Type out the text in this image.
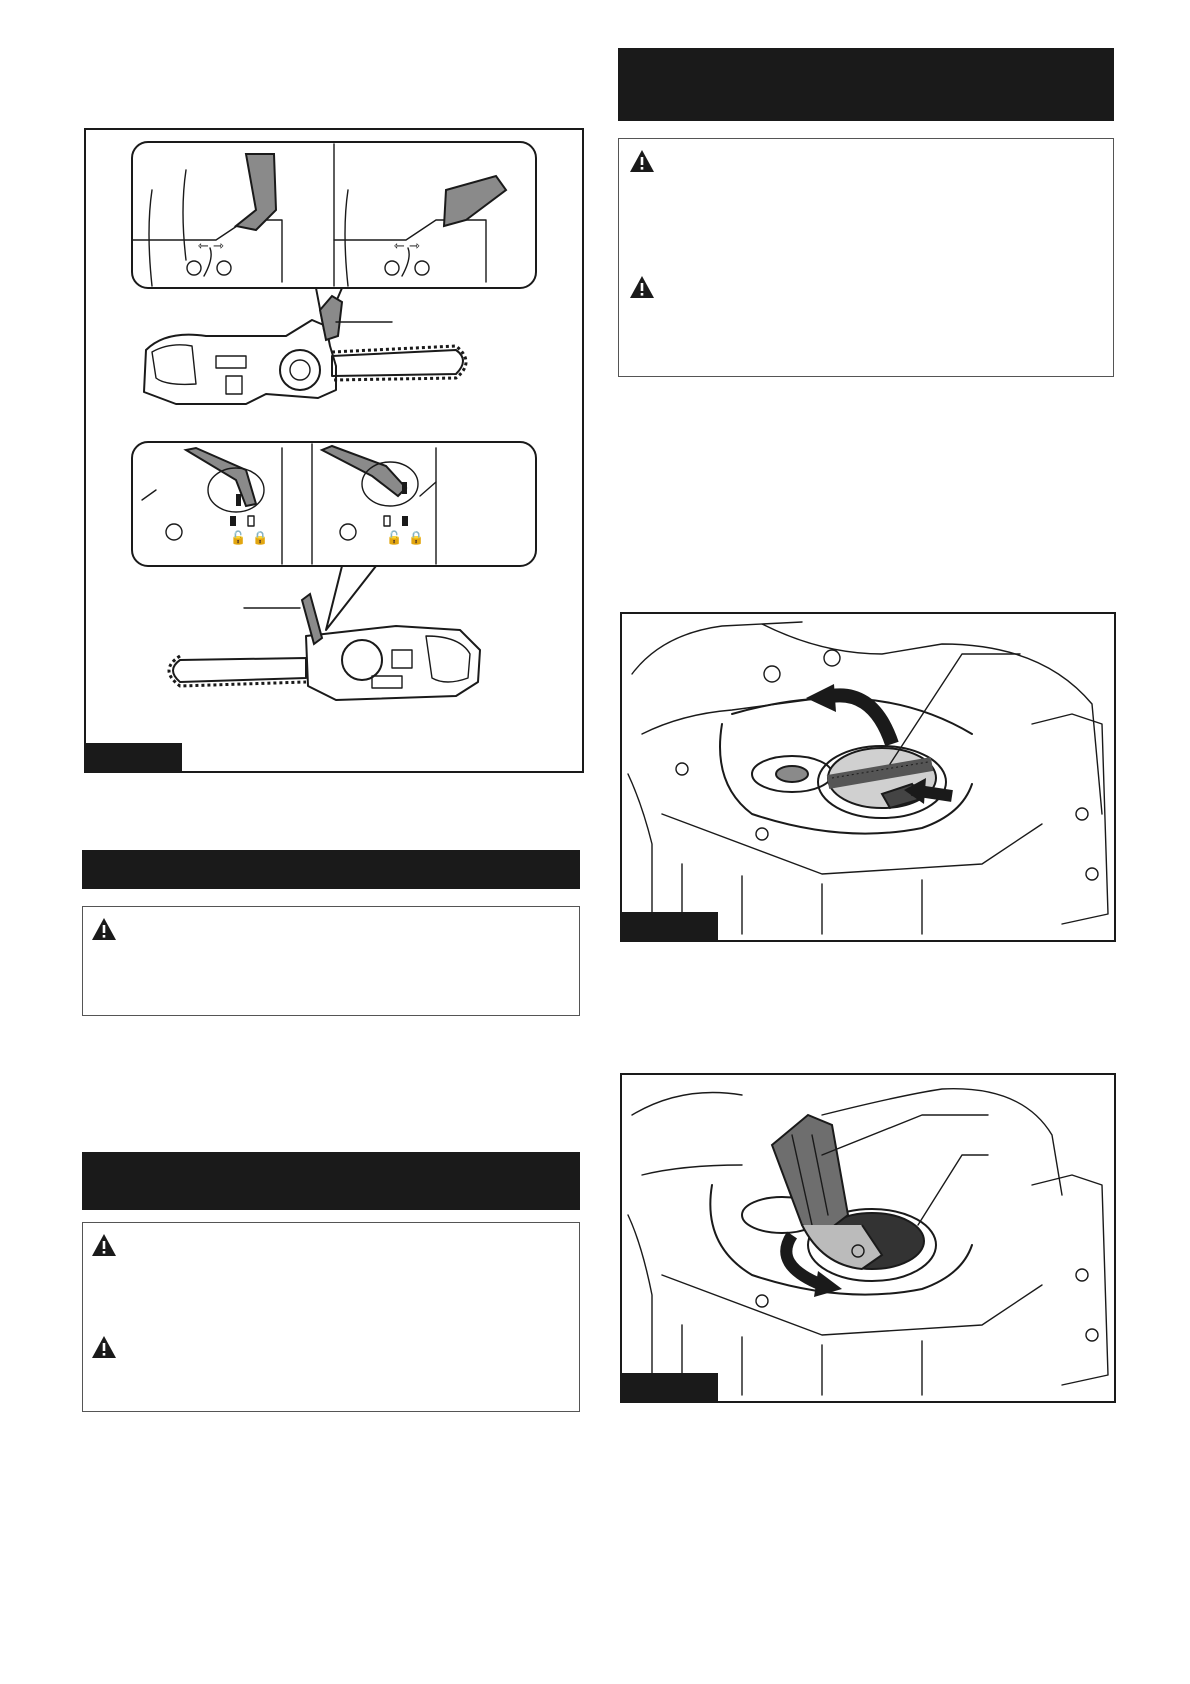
⇽ ⇾	⇽ ⇾
🔓 🔒	🔓 🔒
